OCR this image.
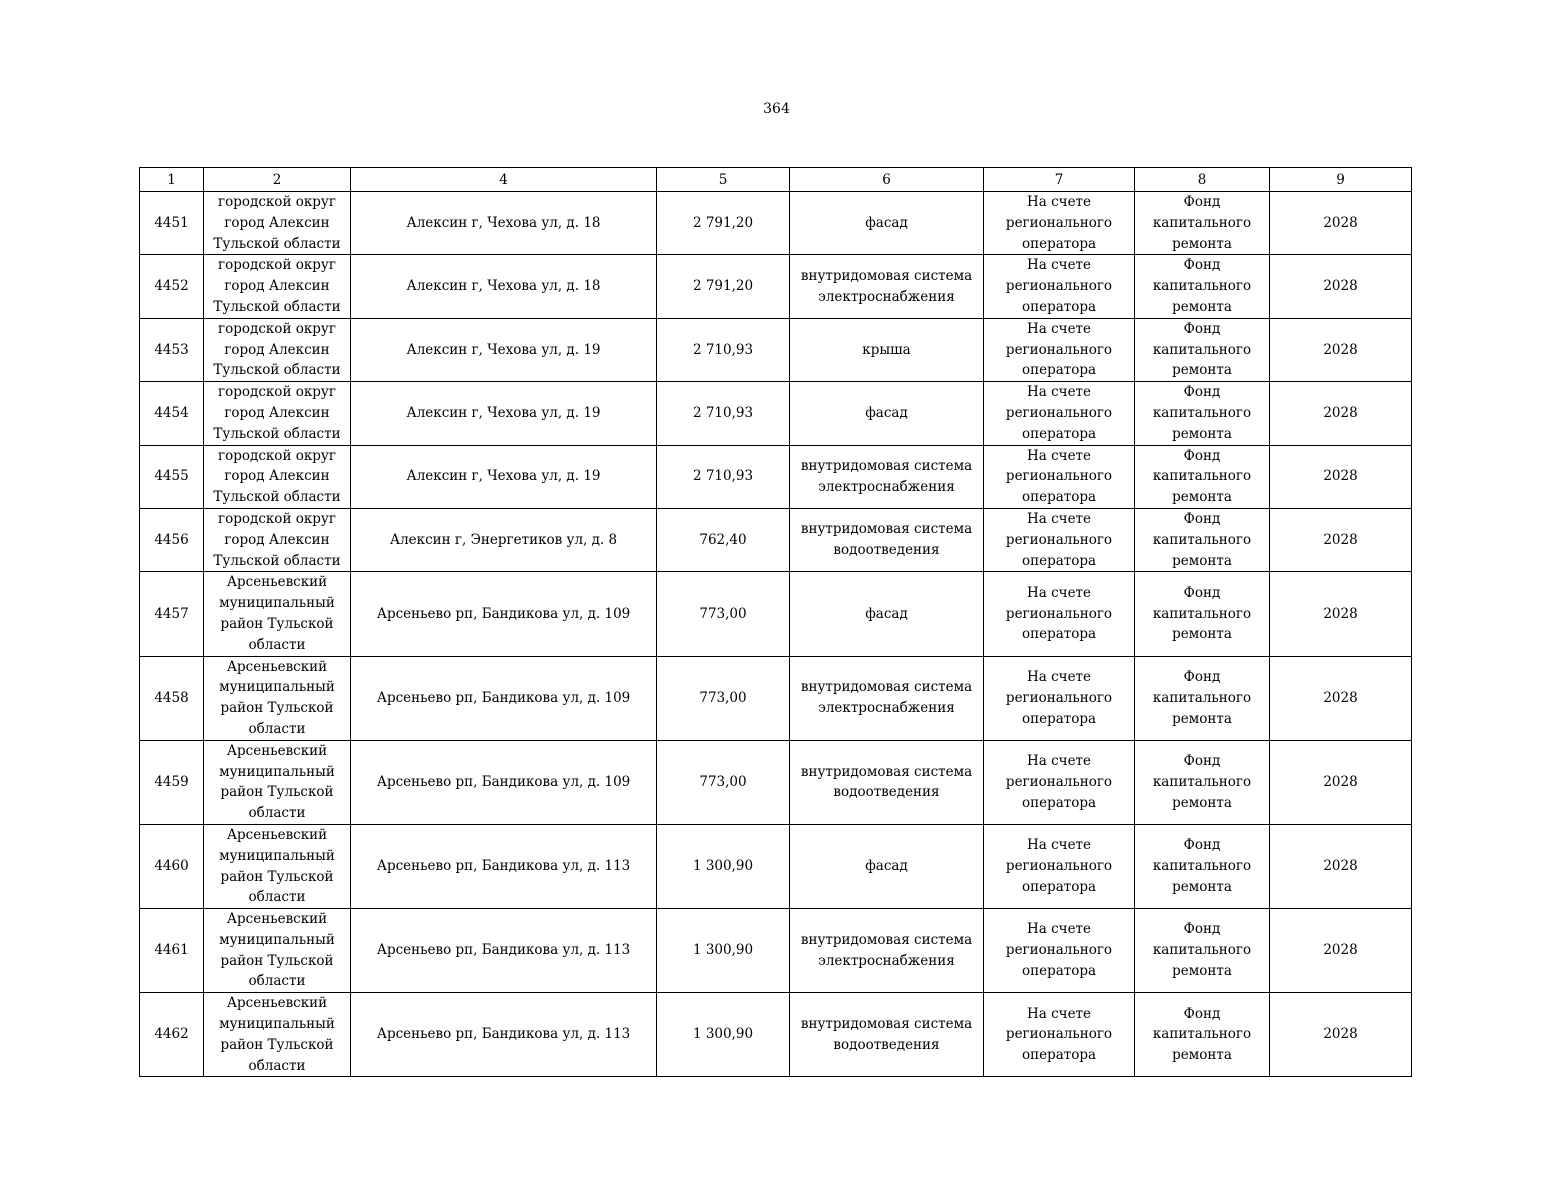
364
1	2	4	5	6	7	8	9
4451	городской округ
город Алексин
Тульской области	Алексин г, Чехова ул, д. 18	2 791,20	фасад	На счете
регионального
оператора	Фонд
капитального
ремонта	2028
4452	городской округ
город Алексин
Тульской области	Алексин г, Чехова ул, д. 18	2 791,20	внутридомовая система
электроснабжения	На счете
регионального
оператора	Фонд
капитального
ремонта	2028
4453	городской округ
город Алексин
Тульской области	Алексин г, Чехова ул, д. 19	2 710,93	крыша	На счете
регионального
оператора	Фонд
капитального
ремонта	2028
4454	городской округ
город Алексин
Тульской области	Алексин г, Чехова ул, д. 19	2 710,93	фасад	На счете
регионального
оператора	Фонд
капитального
ремонта	2028
4455	городской округ
город Алексин
Тульской области	Алексин г, Чехова ул, д. 19	2 710,93	внутридомовая система
электроснабжения	На счете
регионального
оператора	Фонд
капитального
ремонта	2028
4456	городской округ
город Алексин
Тульской области	Алексин г, Энергетиков ул, д. 8	762,40	внутридомовая система
водоотведения	На счете
регионального
оператора	Фонд
капитального
ремонта	2028
4457	Арсеньевский
муниципальный
район Тульской
области	Арсеньево рп, Бандикова ул, д. 109	773,00	фасад	На счете
регионального
оператора	Фонд
капитального
ремонта	2028
4458	Арсеньевский
муниципальный
район Тульской
области	Арсеньево рп, Бандикова ул, д. 109	773,00	внутридомовая система
электроснабжения	На счете
регионального
оператора	Фонд
капитального
ремонта	2028
4459	Арсеньевский
муниципальный
район Тульской
области	Арсеньево рп, Бандикова ул, д. 109	773,00	внутридомовая система
водоотведения	На счете
регионального
оператора	Фонд
капитального
ремонта	2028
4460	Арсеньевский
муниципальный
район Тульской
области	Арсеньево рп, Бандикова ул, д. 113	1 300,90	фасад	На счете
регионального
оператора	Фонд
капитального
ремонта	2028
4461	Арсеньевский
муниципальный
район Тульской
области	Арсеньево рп, Бандикова ул, д. 113	1 300,90	внутридомовая система
электроснабжения	На счете
регионального
оператора	Фонд
капитального
ремонта	2028
4462	Арсеньевский
муниципальный
район Тульской
области	Арсеньево рп, Бандикова ул, д. 113	1 300,90	внутридомовая система
водоотведения	На счете
регионального
оператора	Фонд
капитального
ремонта	2028
